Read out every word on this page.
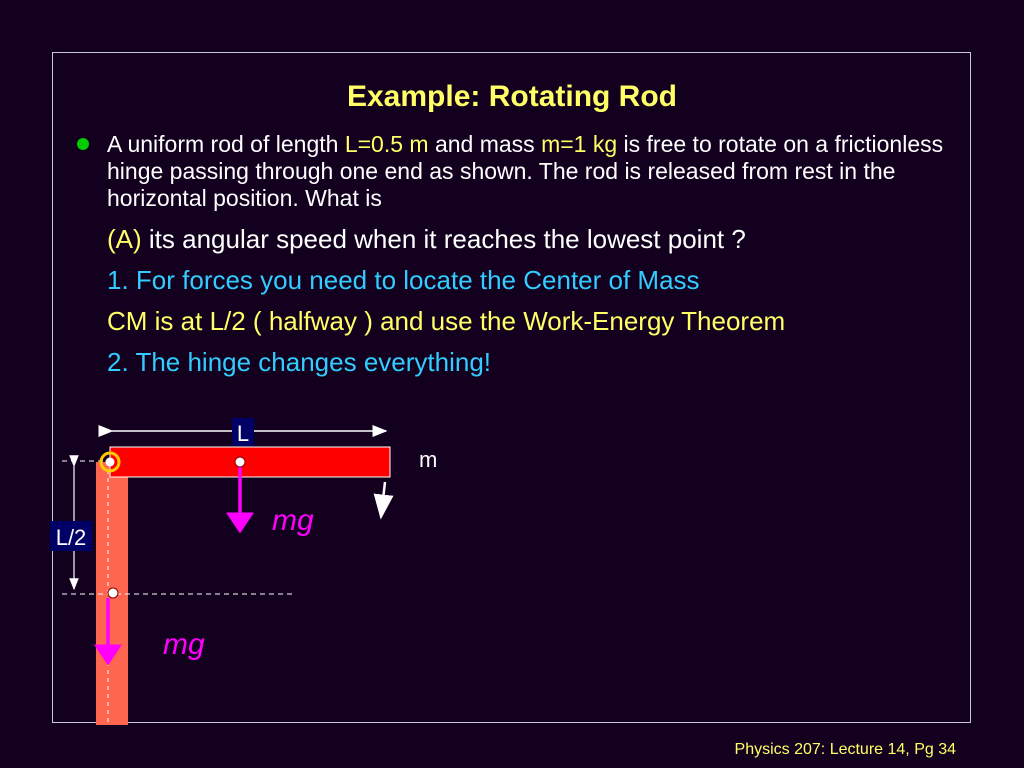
Example: Rotating Rod
A uniform rod of length L=0.5 m and mass m=1 kg is free to rotate on a frictionless hinge passing through one end as shown. The rod is released from rest in the horizontal position. What is
(A) its angular speed when it reaches the lowest point ?
1. For forces you need to locate the Center of Mass
CM is at L/2 ( halfway ) and use the Work-Energy Theorem
2. The hinge changes everything!
L
m
L/2
mg
mg
Physics 207: Lecture 14, Pg 34
